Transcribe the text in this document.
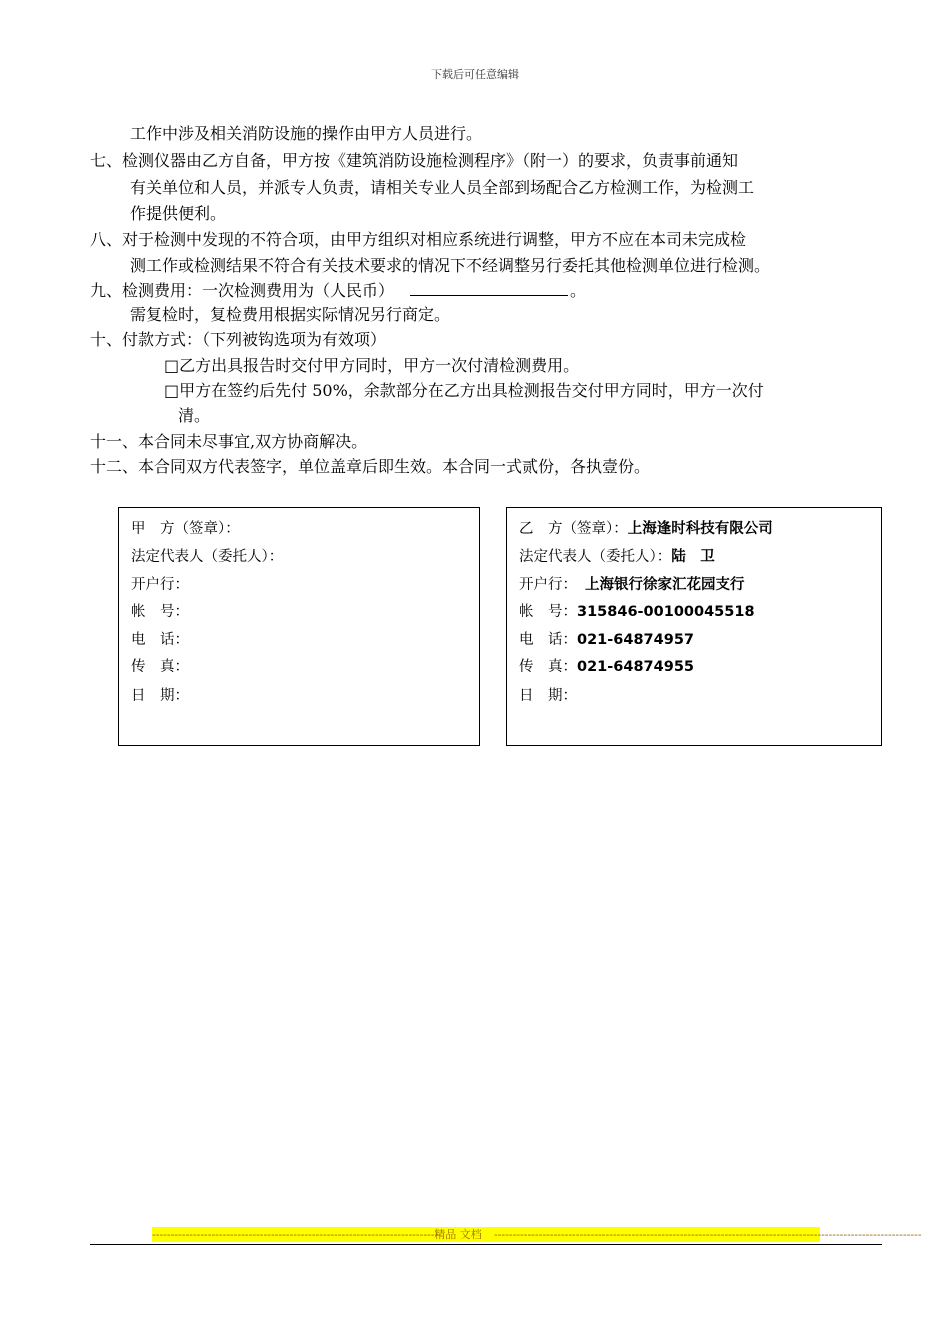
下载后可任意编辑
工作中涉及相关消防设施的操作由甲方人员进行。
七、检测仪器由乙方自备，甲方按《建筑消防设施检测程序》（附一）的要求，负责事前通知
有关单位和人员，并派专人负责，请相关专业人员全部到场配合乙方检测工作，为检测工
作提供便利。
八、对于检测中发现的不符合项，由甲方组织对相应系统进行调整，甲方不应在本司未完成检
测工作或检测结果不符合有关技术要求的情况下不经调整另行委托其他检测单位进行检测。
九、检测费用：一次检测费用为（人民币）	。
需复检时，复检费用根据实际情况另行商定。
十、付款方式：（下列被钩选项为有效项）
□乙方出具报告时交付甲方同时，甲方一次付清检测费用。
□甲方在签约后先付 50%，余款部分在乙方出具检测报告交付甲方同时，甲方一次付
清。
十一、本合同未尽事宜,双方协商解决。
十二、本合同双方代表签字，单位盖章后即生效。本合同一式贰份，各执壹份。
甲　方（签章）：
法定代表人（委托人）：
开户行：
帐　号：
电　话：
传　真：
日　期：
乙　方（签章）：上海逢时科技有限公司
法定代表人（委托人）：陆　卫
开户行： 上海银行徐家汇花园支行
帐　号：315846-00100045518
电　话：021-64874957
传　真：021-64874955
日　期：
------------------------------------------------------------------------------
精品 文档	-------------------------------------------------------------------------------------------------------------------
